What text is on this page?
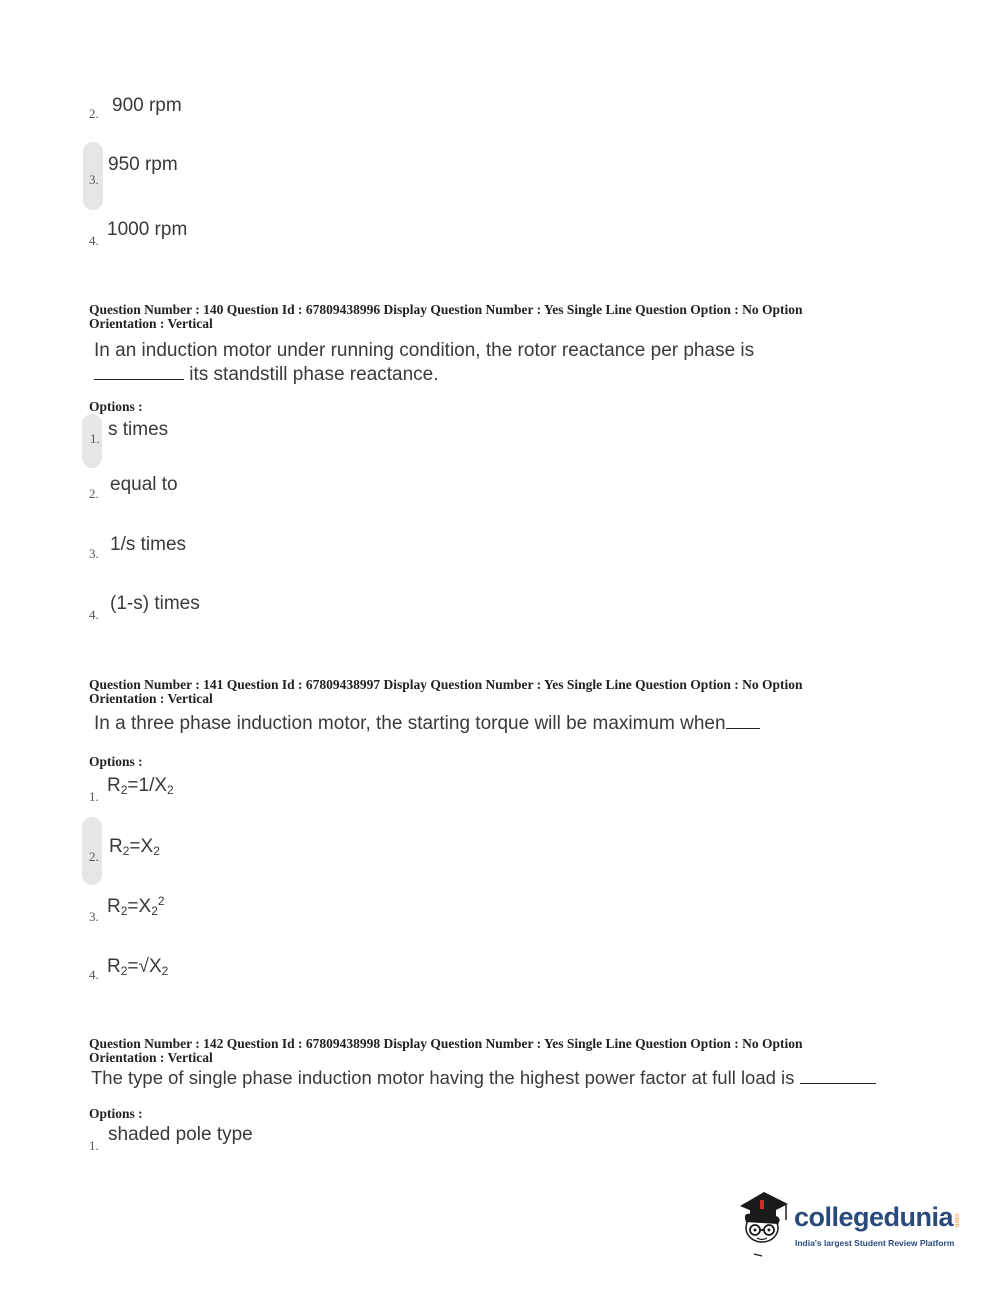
2. 900 rpm
3.
950 rpm
4.
1000 rpm
Question Number : 140 Question Id : 67809438996 Display Question Number : Yes Single Line Question Option : No Option
Orientation : Vertical
In an induction motor under running condition, the rotor reactance per phase is
its standstill phase reactance.
Options :
1. s times
2. equal to
3. 1/s times
4.
(1-s) times
Question Number : 141 Question Id : 67809438997 Display Question Number : Yes Single Line Question Option : No Option
Orientation : Vertical
In a three phase induction motor, the starting torque will be maximum when
Options :
1.
$R_2=1/X_2$
2. $R_2=X_2$
3. $R_2=X_2^2$
4. $R_2=√X_2$
Question Number : 142 Question Id : 67809438998 Display Question Number : Yes Single Line Question Option : No Option
Orientation : Vertical
The type of single phase induction motor having the highest power factor at full load is
Options :
1.
shaded pole type
collegedunia .com
India's largest Student Review Platform
